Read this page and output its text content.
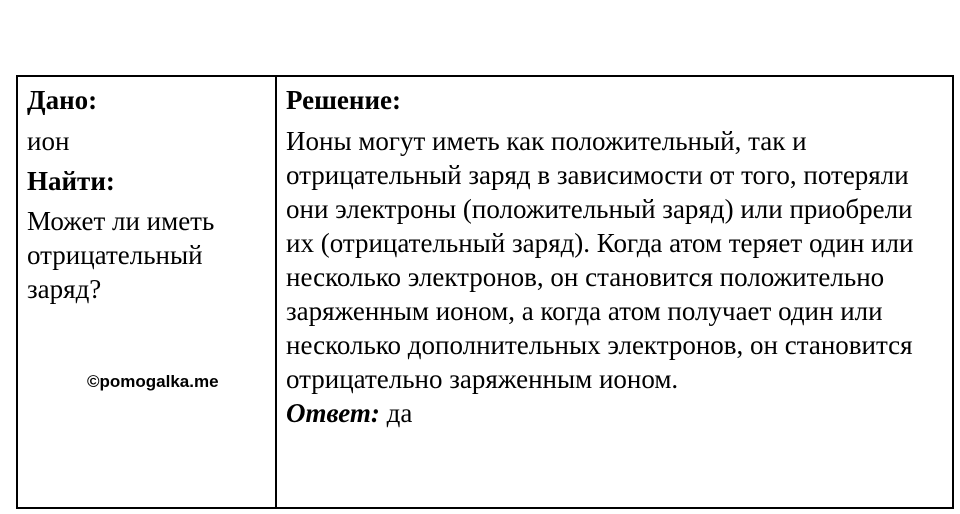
Дано:

ион

Найти:

Может ли иметь отрицательный заряд?

©pomogalka.me

Решение:

Ионы могут иметь как положительный, так и отрицательный заряд в зависимости от того, потеряли они электроны (положительный заряд) или приобрели их (отрицательный заряд). Когда атом теряет один или несколько электронов, он становится положительно заряженным ионом, а когда атом получает один или несколько дополнительных электронов, он становится отрицательно заряженным ионом.

Ответ: да
